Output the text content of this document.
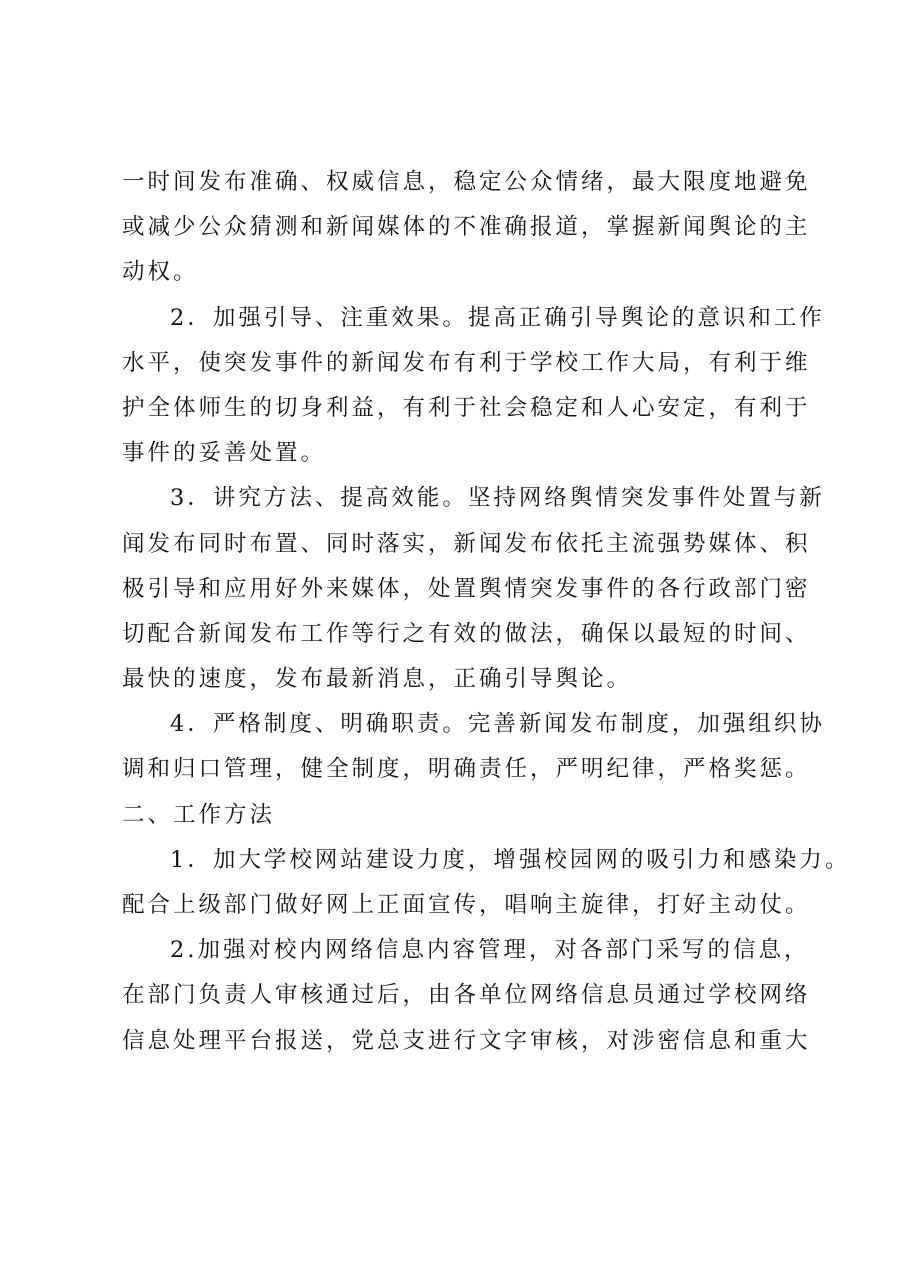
一时间发布准确、权威信息，稳定公众情绪，最大限度地避免
或减少公众猜测和新闻媒体的不准确报道，掌握新闻舆论的主
动权。
2．加强引导、注重效果。提高正确引导舆论的意识和工作
水平，使突发事件的新闻发布有利于学校工作大局，有利于维
护全体师生的切身利益，有利于社会稳定和人心安定，有利于
事件的妥善处置。
3．讲究方法、提高效能。坚持网络舆情突发事件处置与新
闻发布同时布置、同时落实，新闻发布依托主流强势媒体、积
极引导和应用好外来媒体，处置舆情突发事件的各行政部门密
切配合新闻发布工作等行之有效的做法，确保以最短的时间、
最快的速度，发布最新消息，正确引导舆论。
4．严格制度、明确职责。完善新闻发布制度，加强组织协
调和归口管理，健全制度，明确责任，严明纪律，严格奖惩。
二、工作方法
1．加大学校网站建设力度，增强校园网的吸引力和感染力。
配合上级部门做好网上正面宣传，唱响主旋律，打好主动仗。
2.加强对校内网络信息内容管理，对各部门采写的信息，
在部门负责人审核通过后，由各单位网络信息员通过学校网络
信息处理平台报送，党总支进行文字审核，对涉密信息和重大
